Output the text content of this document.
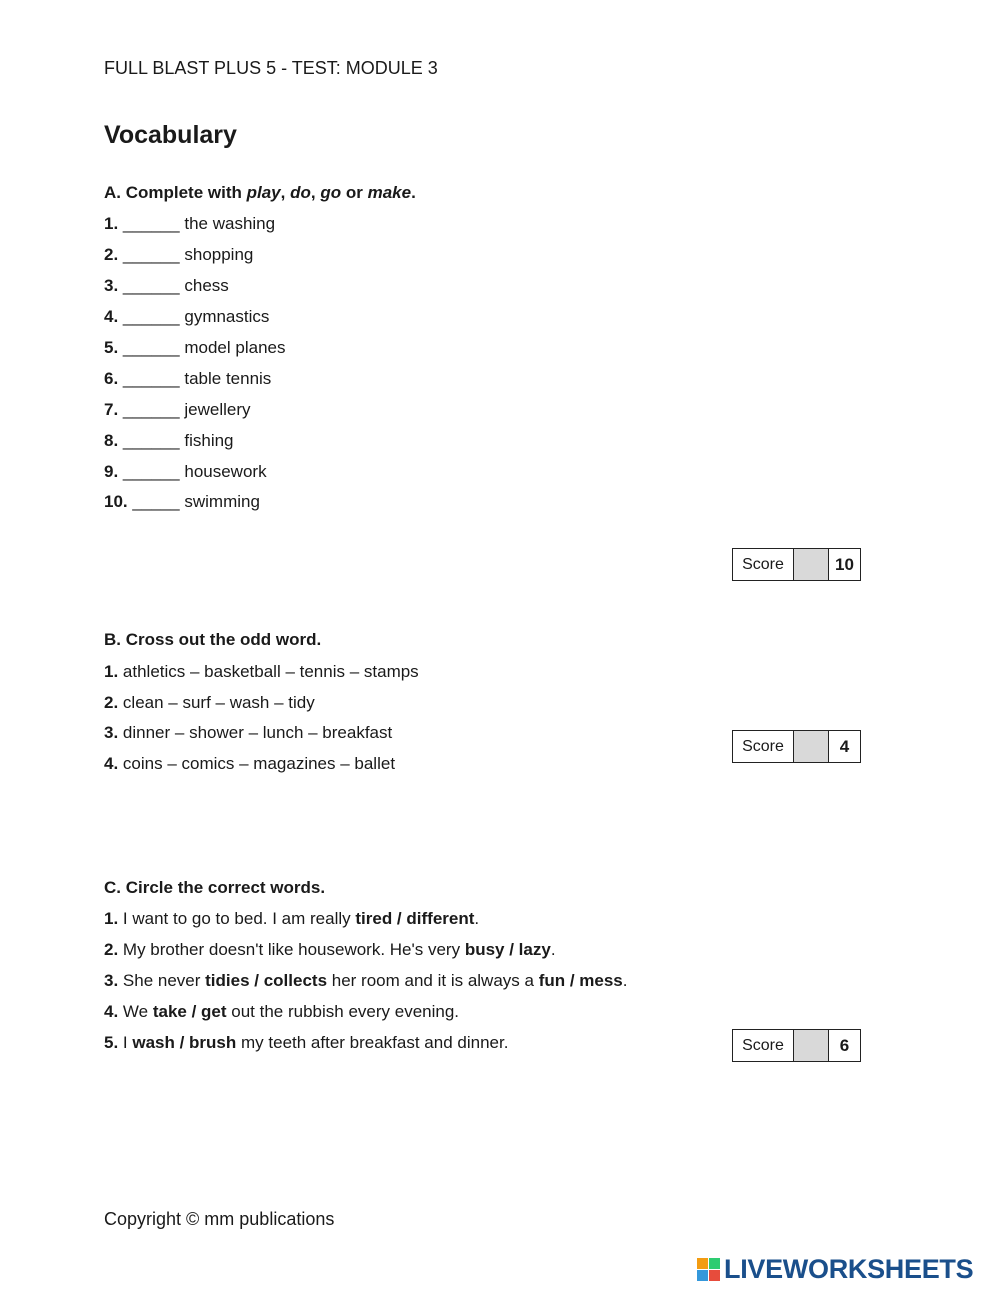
FULL BLAST PLUS 5 - TEST: MODULE 3
Vocabulary
A. Complete with play, do, go or make.
1. ______ the washing
2. ______ shopping
3. ______ chess
4. ______ gymnastics
5. ______ model planes
6. ______ table tennis
7. ______ jewellery
8. ______ fishing
9. ______ housework
10. _____ swimming
Score	10
B. Cross out the odd word.
1. athletics – basketball – tennis – stamps
2. clean – surf – wash – tidy
3. dinner – shower – lunch – breakfast
4. coins – comics – magazines – ballet
Score	4
C. Circle the correct words.
1. I want to go to bed. I am really tired / different.
2. My brother doesn't like housework. He's very busy / lazy.
3. She never tidies / collects her room and it is always a fun / mess.
4. We take / get out the rubbish every evening.
5. I wash / brush my teeth after breakfast and dinner.	Score	6
Copyright © mm publications
LIVEWORKSHEETS
